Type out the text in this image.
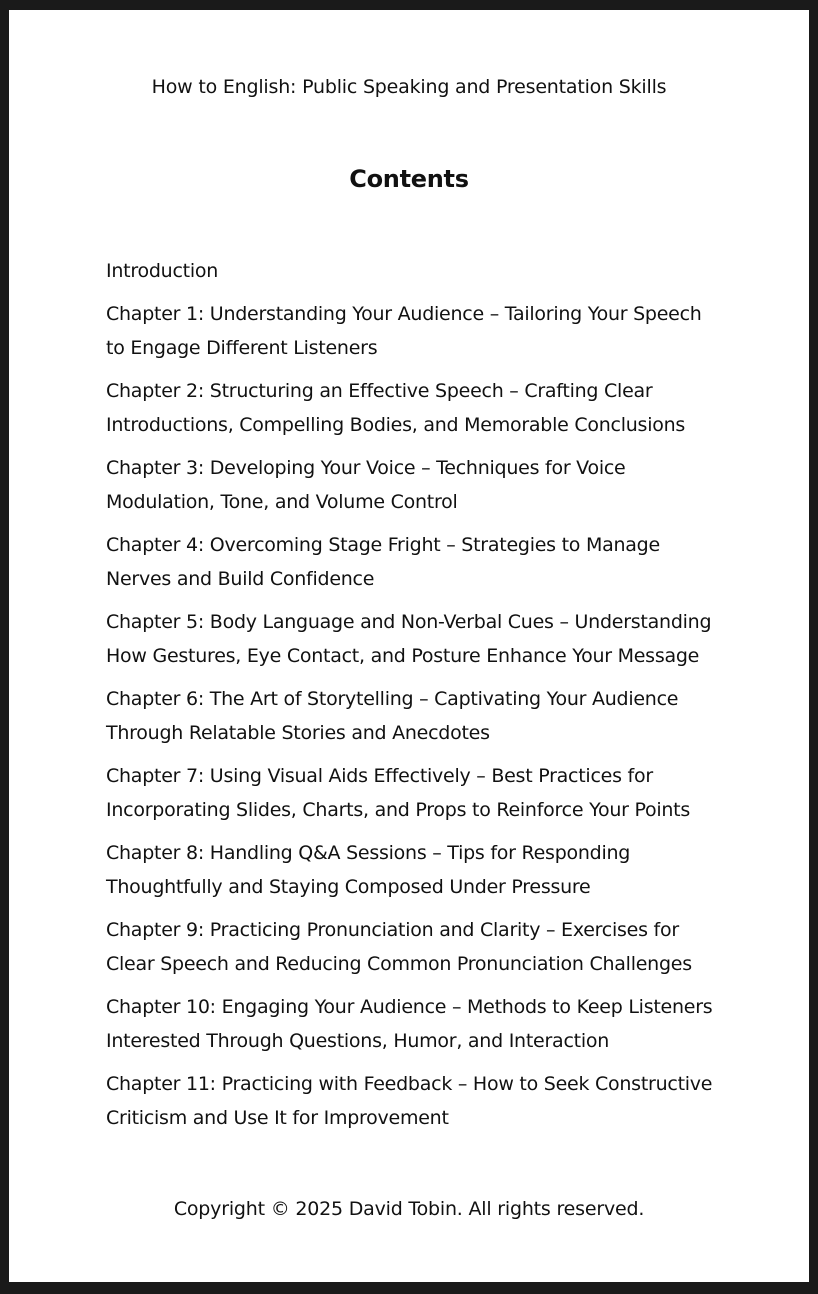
How to English: Public Speaking and Presentation Skills
Contents
Introduction
Chapter 1: Understanding Your Audience – Tailoring Your Speech to Engage Different Listeners
Chapter 2: Structuring an Effective Speech – Crafting Clear Introductions, Compelling Bodies, and Memorable Conclusions
Chapter 3: Developing Your Voice – Techniques for Voice Modulation, Tone, and Volume Control
Chapter 4: Overcoming Stage Fright – Strategies to Manage Nerves and Build Confidence
Chapter 5: Body Language and Non-Verbal Cues – Understanding How Gestures, Eye Contact, and Posture Enhance Your Message
Chapter 6: The Art of Storytelling – Captivating Your Audience Through Relatable Stories and Anecdotes
Chapter 7: Using Visual Aids Effectively – Best Practices for Incorporating Slides, Charts, and Props to Reinforce Your Points
Chapter 8: Handling Q&A Sessions – Tips for Responding Thoughtfully and Staying Composed Under Pressure
Chapter 9: Practicing Pronunciation and Clarity – Exercises for Clear Speech and Reducing Common Pronunciation Challenges
Chapter 10: Engaging Your Audience – Methods to Keep Listeners Interested Through Questions, Humor, and Interaction
Chapter 11: Practicing with Feedback – How to Seek Constructive Criticism and Use It for Improvement
Copyright © 2025 David Tobin. All rights reserved.
